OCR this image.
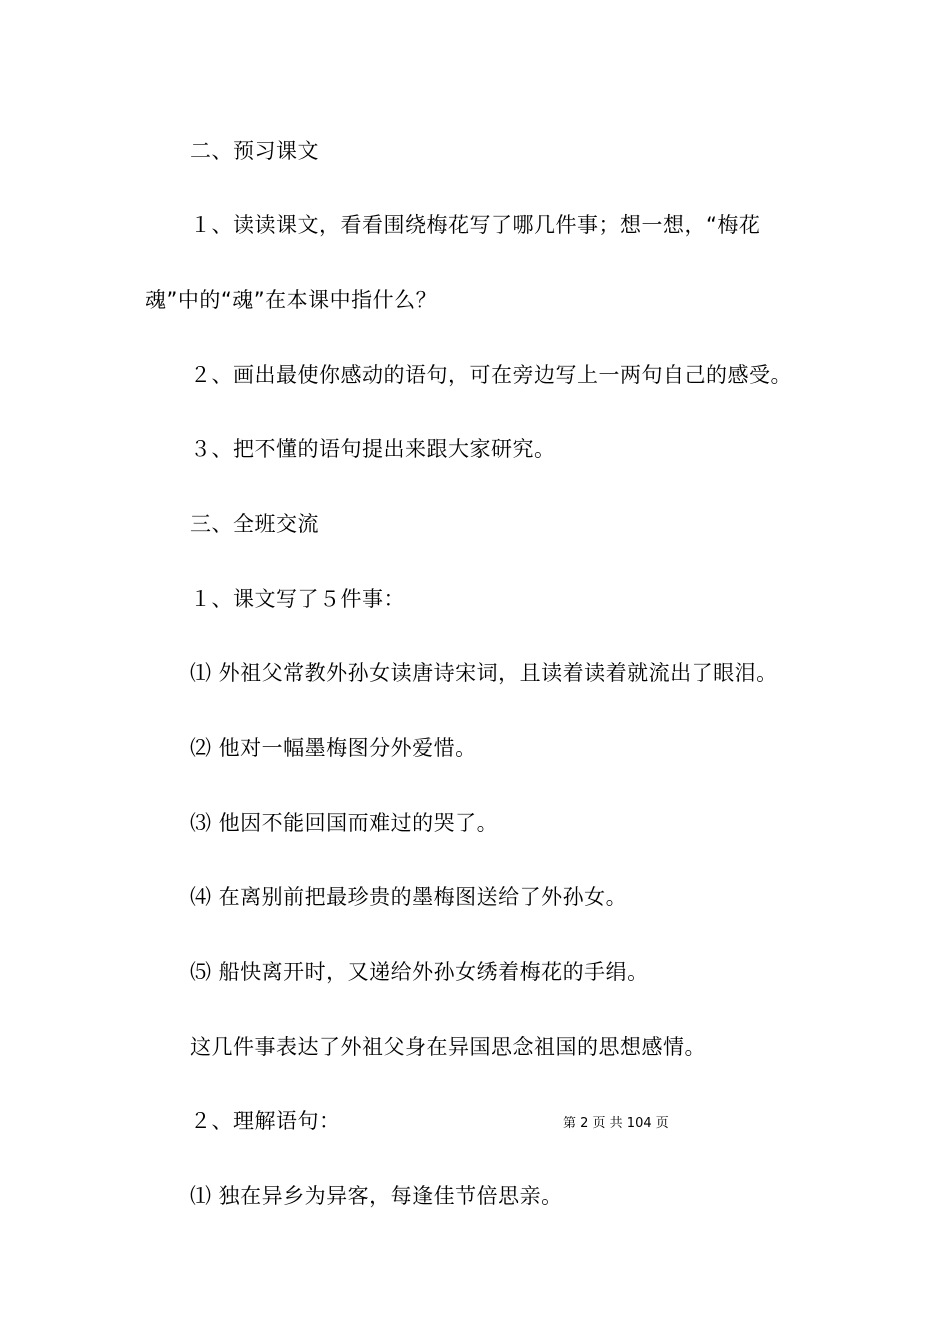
二、预习课文
１、读读课文，看看围绕梅花写了哪几件事；想一想，“梅花
魂”中的“魂”在本课中指什么？
２、画出最使你感动的语句，可在旁边写上一两句自己的感受。
３、把不懂的语句提出来跟大家研究。
三、全班交流
１、课文写了５件事：
⑴ 外祖父常教外孙女读唐诗宋词，且读着读着就流出了眼泪。
⑵ 他对一幅墨梅图分外爱惜。
⑶ 他因不能回国而难过的哭了。
⑷ 在离别前把最珍贵的墨梅图送给了外孙女。
⑸ 船快离开时，又递给外孙女绣着梅花的手绢。
这几件事表达了外祖父身在异国思念祖国的思想感情。
２、理解语句：	第 2 页 共 104 页
⑴ 独在异乡为异客，每逢佳节倍思亲。
